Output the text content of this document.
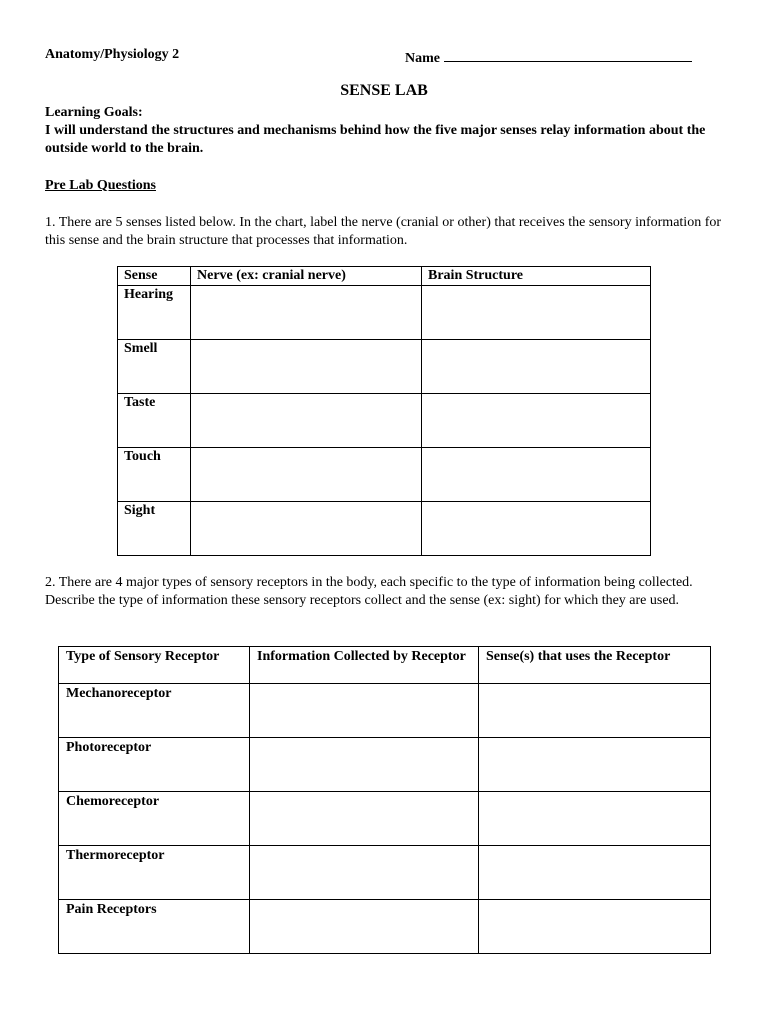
Anatomy/Physiology 2	Name
SENSE LAB
Learning Goals:
I will understand the structures and mechanisms behind how the five major senses relay information about the outside world to the brain.
Pre Lab Questions
1. There are 5 senses listed below. In the chart, label the nerve (cranial or other) that receives the sensory information for this sense and the brain structure that processes that information.
Sense	Nerve (ex: cranial nerve)	Brain Structure
Hearing		
Smell		
Taste		
Touch		
Sight		
2. There are 4 major types of sensory receptors in the body, each specific to the type of information being collected. Describe the type of information these sensory receptors collect and the sense (ex: sight) for which they are used.
Type of Sensory Receptor	Information Collected by Receptor	Sense(s) that uses the Receptor
Mechanoreceptor		
Photoreceptor		
Chemoreceptor		
Thermoreceptor		
Pain Receptors		
